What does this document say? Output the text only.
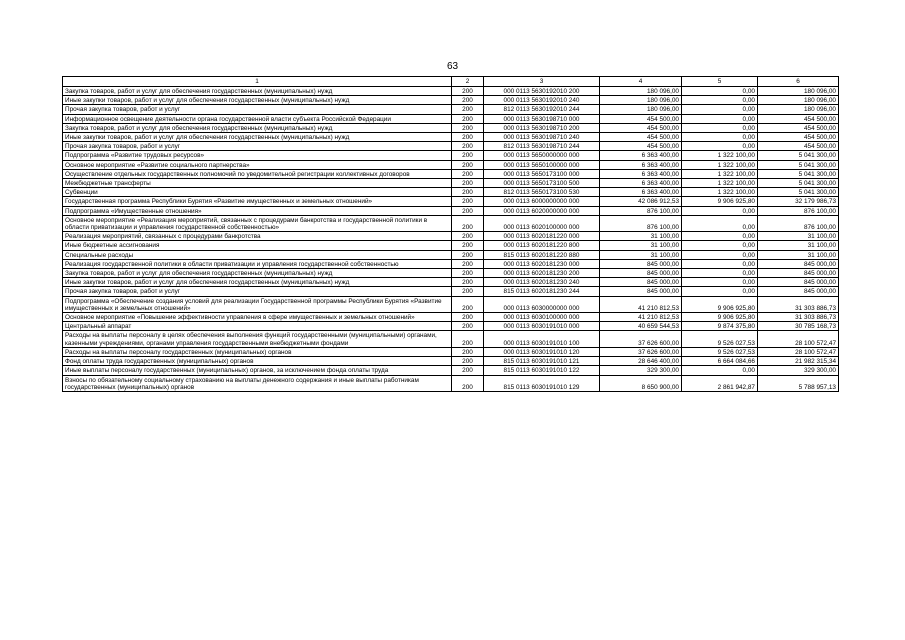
63
1	2	3	4	5	6
Закупка товаров, работ и услуг для обеспечения государственных (муниципальных) нужд	200	000 0113 5630192010 200	180 096,00	0,00	180 096,00
Иные закупки товаров, работ и услуг для обеспечения государственных (муниципальных) нужд	200	000 0113 5630192010 240	180 096,00	0,00	180 096,00
Прочая закупка товаров, работ и услуг	200	812 0113 5630192010 244	180 096,00	0,00	180 096,00
Информационное освещение деятельности органа государственной власти субъекта Российской Федерации	200	000 0113 5630198710 000	454 500,00	0,00	454 500,00
Закупка товаров, работ и услуг для обеспечения государственных (муниципальных) нужд	200	000 0113 5630198710 200	454 500,00	0,00	454 500,00
Иные закупки товаров, работ и услуг для обеспечения государственных (муниципальных) нужд	200	000 0113 5630198710 240	454 500,00	0,00	454 500,00
Прочая закупка товаров, работ и услуг	200	812 0113 5630198710 244	454 500,00	0,00	454 500,00
Подпрограмма «Развитие трудовых ресурсов»	200	000 0113 5650000000 000	6 363 400,00	1 322 100,00	5 041 300,00
Основное мероприятие «Развитие социального партнерства»	200	000 0113 5650100000 000	6 363 400,00	1 322 100,00	5 041 300,00
Осуществление отдельных государственных полномочий по уведомительной регистрации коллективных договоров	200	000 0113 5650173100 000	6 363 400,00	1 322 100,00	5 041 300,00
Межбюджетные трансферты	200	000 0113 5650173100 500	6 363 400,00	1 322 100,00	5 041 300,00
Субвенции	200	812 0113 5650173100 530	6 363 400,00	1 322 100,00	5 041 300,00
Государственная программа Республики Бурятия «Развитие имущественных и земельных отношений»	200	000 0113 6000000000 000	42 086 912,53	9 906 925,80	32 179 986,73
Подпрограмма «Имущественные отношения»	200	000 0113 6020000000 000	876 100,00	0,00	876 100,00
Основное мероприятие «Реализация мероприятий, связанных с процедурами банкротства и государственной политики в области приватизации и управления государственной собственностью»	200	000 0113 6020100000 000	876 100,00	0,00	876 100,00
Реализация мероприятий, связанных с процедурами банкротства	200	000 0113 6020181220 000	31 100,00	0,00	31 100,00
Иные бюджетные ассигнования	200	000 0113 6020181220 800	31 100,00	0,00	31 100,00
Специальные расходы	200	815 0113 6020181220 880	31 100,00	0,00	31 100,00
Реализация государственной политики в области приватизации и управления государственной собственностью	200	000 0113 6020181230 000	845 000,00	0,00	845 000,00
Закупка товаров, работ и услуг для обеспечения государственных (муниципальных) нужд	200	000 0113 6020181230 200	845 000,00	0,00	845 000,00
Иные закупки товаров, работ и услуг для обеспечения государственных (муниципальных) нужд	200	000 0113 6020181230 240	845 000,00	0,00	845 000,00
Прочая закупка товаров, работ и услуг	200	815 0113 6020181230 244	845 000,00	0,00	845 000,00
Подпрограмма «Обеспечение создания условий для реализации Государственной программы Республики Бурятия «Развитие имущественных и земельных отношений»	200	000 0113 6030000000 000	41 210 812,53	9 906 925,80	31 303 886,73
Основное мероприятие «Повышение эффективности управления в сфере имущественных и земельных отношений»	200	000 0113 6030100000 000	41 210 812,53	9 906 925,80	31 303 886,73
Центральный аппарат	200	000 0113 6030191010 000	40 659 544,53	9 874 375,80	30 785 168,73
Расходы на выплаты персоналу в целях обеспечения выполнения функций государственными (муниципальными) органами, казенными учреждениями, органами управления государственными внебюджетными фондами	200	000 0113 6030191010 100	37 626 600,00	9 526 027,53	28 100 572,47
Расходы на выплаты персоналу государственных (муниципальных) органов	200	000 0113 6030191010 120	37 626 600,00	9 526 027,53	28 100 572,47
Фонд оплаты труда государственных (муниципальных) органов	200	815 0113 6030191010 121	28 646 400,00	6 664 084,66	21 982 315,34
Иные выплаты персоналу государственных (муниципальных) органов, за исключением фонда оплаты труда	200	815 0113 6030191010 122	329 300,00	0,00	329 300,00
Взносы по обязательному социальному страхованию на выплаты денежного содержания и иные выплаты работникам государственных (муниципальных) органов	200	815 0113 6030191010 129	8 650 900,00	2 861 942,87	5 788 957,13
